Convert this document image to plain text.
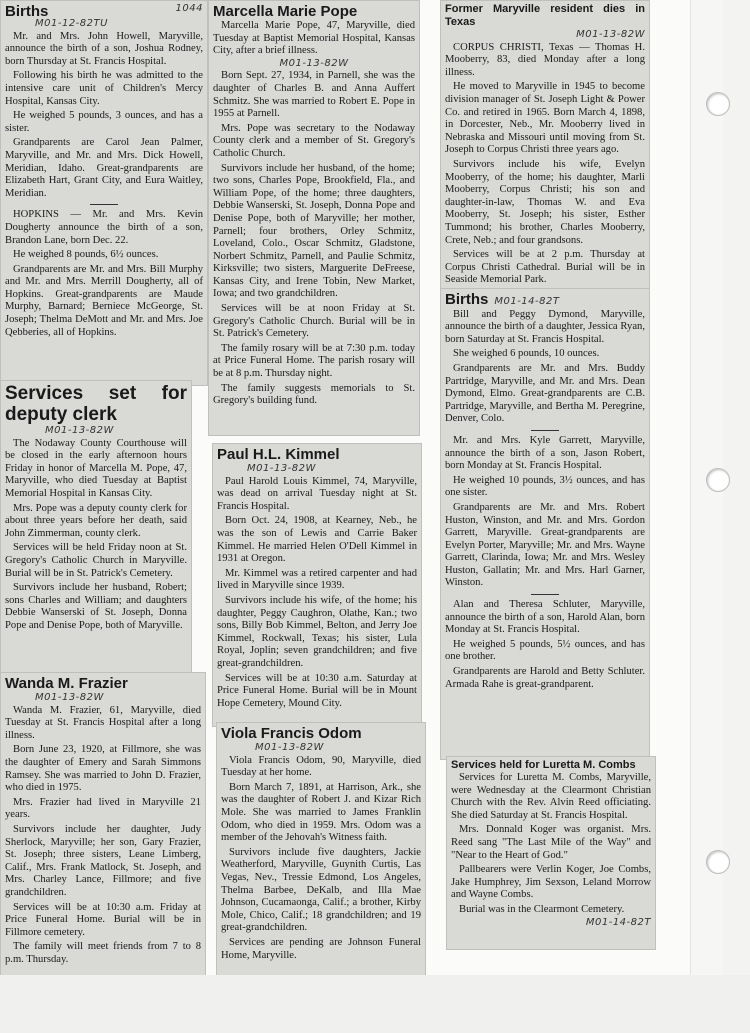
Births	1044
M01-12-82TU

Mr. and Mrs. John Howell, Maryville, announce the birth of a son, Joshua Rodney, born Thursday at St. Francis Hospital.

Following his birth he was admitted to the intensive care unit of Children's Mercy Hospital, Kansas City.

He weighed 5 pounds, 3 ounces, and has a sister.

Grandparents are Carol Jean Palmer, Maryville, and Mr. and Mrs. Dick Howell, Meridian, Idaho. Great-grandparents are Elizabeth Hart, Grant City, and Eura Waitley, Meridian.

HOPKINS — Mr. and Mrs. Kevin Dougherty announce the birth of a son, Brandon Lane, born Dec. 22.

He weighed 8 pounds, 6½ ounces.

Grandparents are Mr. and Mrs. Bill Murphy and Mr. and Mrs. Merrill Dougherty, all of Hopkins. Great-grandparents are Maude Murphy, Barnard; Berniece McGeorge, St. Joseph; Thelma DeMott and Mr. and Mrs. Joe Qebberies, all of Hopkins.

Services set for deputy clerk
M01-13-82W

The Nodaway County Courthouse will be closed in the early afternoon hours Friday in honor of Marcella M. Pope, 47, Maryville, who died Tuesday at Baptist Memorial Hospital in Kansas City.

Mrs. Pope was a deputy county clerk for about three years before her death, said John Zimmerman, county clerk.

Services will be held Friday noon at St. Gregory's Catholic Church in Maryville. Burial will be in St. Patrick's Cemetery.

Survivors include her husband, Robert; sons Charles and William; and daughters Debbie Wanserski of St. Joseph, Donna Pope and Denise Pope, both of Maryville.

Wanda M. Frazier
M01-13-82W

Wanda M. Frazier, 61, Maryville, died Tuesday at St. Francis Hospital after a long illness.

Born June 23, 1920, at Fillmore, she was the daughter of Emery and Sarah Simmons Ramsey. She was married to John D. Frazier, who died in 1975.

Mrs. Frazier had lived in Maryville 21 years.

Survivors include her daughter, Judy Sherlock, Maryville; her son, Gary Frazier, St. Joseph; three sisters, Leane Limberg, Calif., Mrs. Frank Matlock, St. Joseph, and Mrs. Charley Lance, Fillmore; and five grandchildren.

Services will be at 10:30 a.m. Friday at Price Funeral Home. Burial will be in Fillmore cemetery.

The family will meet friends from 7 to 8 p.m. Thursday.

Marcella Marie Pope

Marcella Marie Pope, 47, Maryville, died Tuesday at Baptist Memorial Hospital, Kansas City, after a brief illness.

M01-13-82W

Born Sept. 27, 1934, in Parnell, she was the daughter of Charles B. and Anna Auffert Schmitz. She was married to Robert E. Pope in 1955 at Parnell.

Mrs. Pope was secretary to the Nodaway County clerk and a member of St. Gregory's Catholic Church.

Survivors include her husband, of the home; two sons, Charles Pope, Brookfield, Fla., and William Pope, of the home; three daughters, Debbie Wanserski, St. Joseph, Donna Pope and Denise Pope, both of Maryville; her mother, Parnell; four brothers, Orley Schmitz, Loveland, Colo., Oscar Schmitz, Gladstone, Norbert Schmitz, Parnell, and Paulie Schmitz, Kirksville; two sisters, Marguerite DeFreese, Kansas City, and Irene Tobin, New Market, Iowa; and two grandchildren.

Services will be at noon Friday at St. Gregory's Catholic Church. Burial will be in St. Patrick's Cemetery.

The family rosary will be at 7:30 p.m. today at Price Funeral Home. The parish rosary will be at 8 p.m. Thursday night.

The family suggests memorials to St. Gregory's building fund.

Paul H.L. Kimmel
M01-13-82W

Paul Harold Louis Kimmel, 74, Maryville, was dead on arrival Tuesday night at St. Francis Hospital.

Born Oct. 24, 1908, at Kearney, Neb., he was the son of Lewis and Carrie Baker Kimmel. He married Helen O'Dell Kimmel in 1931 at Oregon.

Mr. Kimmel was a retired carpenter and had lived in Maryville since 1939.

Survivors include his wife, of the home; his daughter, Peggy Caughron, Olathe, Kan.; two sons, Billy Bob Kimmel, Belton, and Jerry Joe Kimmel, Rockwall, Texas; his sister, Lula Royal, Joplin; seven grandchildren; and five great-grandchildren.

Services will be at 10:30 a.m. Saturday at Price Funeral Home. Burial will be in Mount Hope Cemetery, Mound City.

Viola Francis Odom
M01-13-82W

Viola Francis Odom, 90, Maryville, died Tuesday at her home.

Born March 7, 1891, at Harrison, Ark., she was the daughter of Robert J. and Kizar Rich Mole. She was married to James Franklin Odom, who died in 1959. Mrs. Odom was a member of the Jehovah's Witness faith.

Survivors include five daughters, Jackie Weatherford, Maryville, Guynith Curtis, Las Vegas, Nev., Tressie Edmond, Los Angeles, Thelma Barbee, DeKalb, and Illa Mae Johnson, Cucamaonga, Calif.; a brother, Kirby Mole, Chico, Calif.; 18 grandchildren; and 19 great-grandchildren.

Services are pending are Johnson Funeral Home, Maryville.

Former Maryville resident dies in Texas
M01-13-82W

CORPUS CHRISTI, Texas — Thomas H. Mooberry, 83, died Monday after a long illness.

He moved to Maryville in 1945 to become division manager of St. Joseph Light & Power Co. and retired in 1965. Born March 4, 1898, in Dorcester, Neb., Mr. Mooberry lived in Nebraska and Missouri until moving from St. Joseph to Corpus Christi three years ago.

Survivors include his wife, Evelyn Mooberry, of the home; his daughter, Marli Mooberry, Corpus Christi; his son and daughter-in-law, Thomas W. and Eva Mooberry, St. Joseph; his sister, Esther Tummond; his brother, Charles Mooberry, Crete, Neb.; and four grandsons.

Services will be at 2 p.m. Thursday at Corpus Christi Cathedral. Burial will be in Seaside Memorial Park.

Births M01-14-82T

Bill and Peggy Dymond, Maryville, announce the birth of a daughter, Jessica Ryan, born Saturday at St. Francis Hospital.

She weighed 6 pounds, 10 ounces.

Grandparents are Mr. and Mrs. Buddy Partridge, Maryville, and Mr. and Mrs. Dean Dymond, Elmo. Great-grandparents are C.B. Partridge, Maryville, and Bertha M. Peregrine, Denver, Colo.

Mr. and Mrs. Kyle Garrett, Maryville, announce the birth of a son, Jason Robert, born Monday at St. Francis Hospital.

He weighed 10 pounds, 3½ ounces, and has one sister.

Grandparents are Mr. and Mrs. Robert Huston, Winston, and Mr. and Mrs. Gordon Garrett, Maryville. Great-grandparents are Evelyn Porter, Maryville; Mr. and Mrs. Wayne Garrett, Clarinda, Iowa; Mr. and Mrs. Wesley Huston, Gallatin; Mr. and Mrs. Harl Garner, Winston.

Alan and Theresa Schluter, Maryville, announce the birth of a son, Harold Alan, born Monday at St. Francis Hospital.

He weighed 5 pounds, 5½ ounces, and has one brother.

Grandparents are Harold and Betty Schluter. Armada Rahe is great-grandparent.

Services held for Luretta M. Combs

Services for Luretta M. Combs, Maryville, were Wednesday at the Clearmont Christian Church with the Rev. Alvin Reed officiating. She died Saturday at St. Francis Hospital.

Mrs. Donnald Koger was organist. Mrs. Reed sang "The Last Mile of the Way" and "Near to the Heart of God."

Pallbearers were Verlin Koger, Joe Combs, Jake Humphrey, Jim Sexson, Leland Morrow and Wayne Combs.

Burial was in the Clearmont Cemetery.

M01-14-82T
